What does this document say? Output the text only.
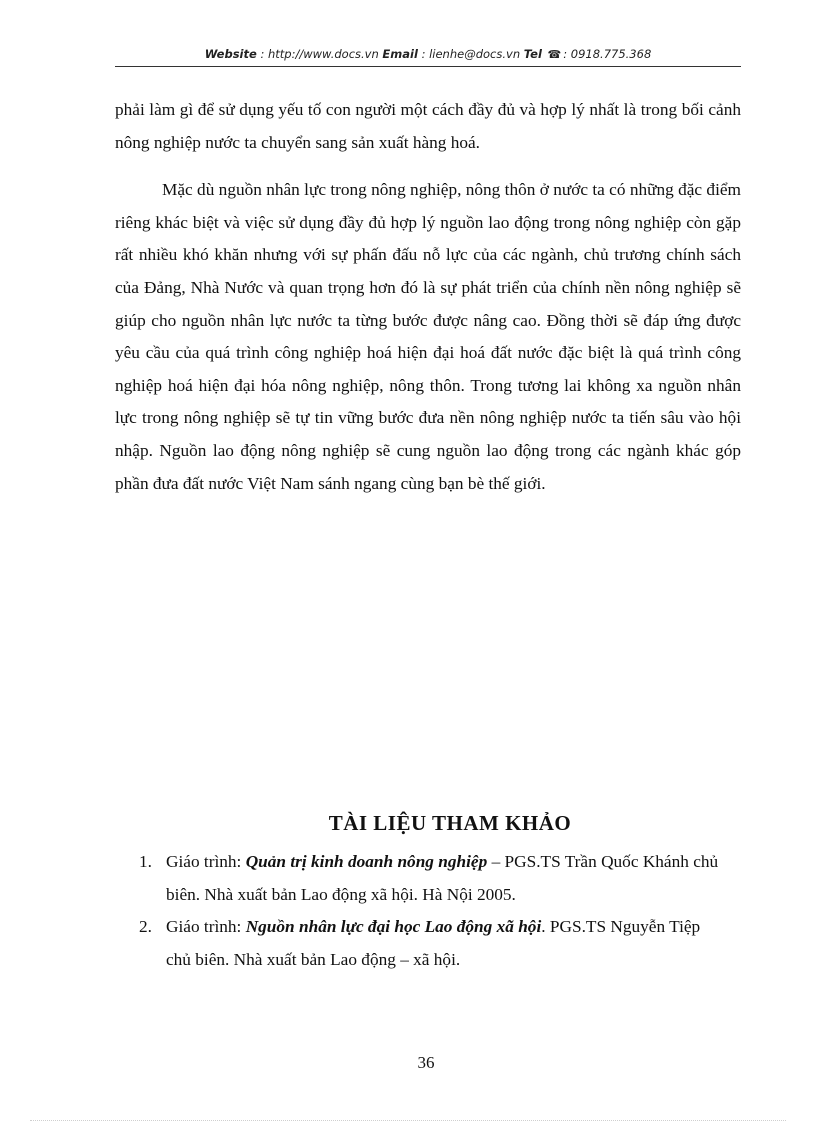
Website : http://www.docs.vn Email : lienhe@docs.vn Tel ☎ : 0918.775.368

phải làm gì để sử dụng yếu tố con người một cách đầy đủ và hợp lý nhất là trong bối cảnh nông nghiệp nước ta chuyển sang sản xuất hàng hoá.

Mặc dù nguồn nhân lực trong nông nghiệp, nông thôn ở nước ta có những đặc điểm riêng khác biệt và việc sử dụng đầy đủ hợp lý nguồn lao động trong nông nghiệp còn gặp rất nhiều khó khăn nhưng với sự phấn đấu nỗ lực của các ngành, chủ trương chính sách của Đảng, Nhà Nước và quan trọng hơn đó là sự phát triển của chính nền nông nghiệp sẽ giúp cho nguồn nhân lực nước ta từng bước được nâng cao. Đồng thời sẽ đáp ứng được yêu cầu của quá trình công nghiệp hoá hiện đại hoá đất nước đặc biệt là quá trình công nghiệp hoá hiện đại hóa nông nghiệp, nông thôn. Trong tương lai không xa nguồn nhân lực trong nông nghiệp sẽ tự tin vững bước đưa nền nông nghiệp nước ta tiến sâu vào hội nhập. Nguồn lao động nông nghiệp sẽ cung nguồn lao động trong các ngành khác góp phần đưa đất nước Việt Nam sánh ngang cùng bạn bè thế giới.

TÀI LIỆU THAM KHẢO
1. Giáo trình: Quản trị kinh doanh nông nghiệp – PGS.TS Trần Quốc Khánh chủ biên. Nhà xuất bản Lao động xã hội. Hà Nội 2005.
2. Giáo trình: Nguồn nhân lực đại học Lao động xã hội. PGS.TS Nguyễn Tiệp chủ biên. Nhà xuất bản Lao động – xã hội.
36
